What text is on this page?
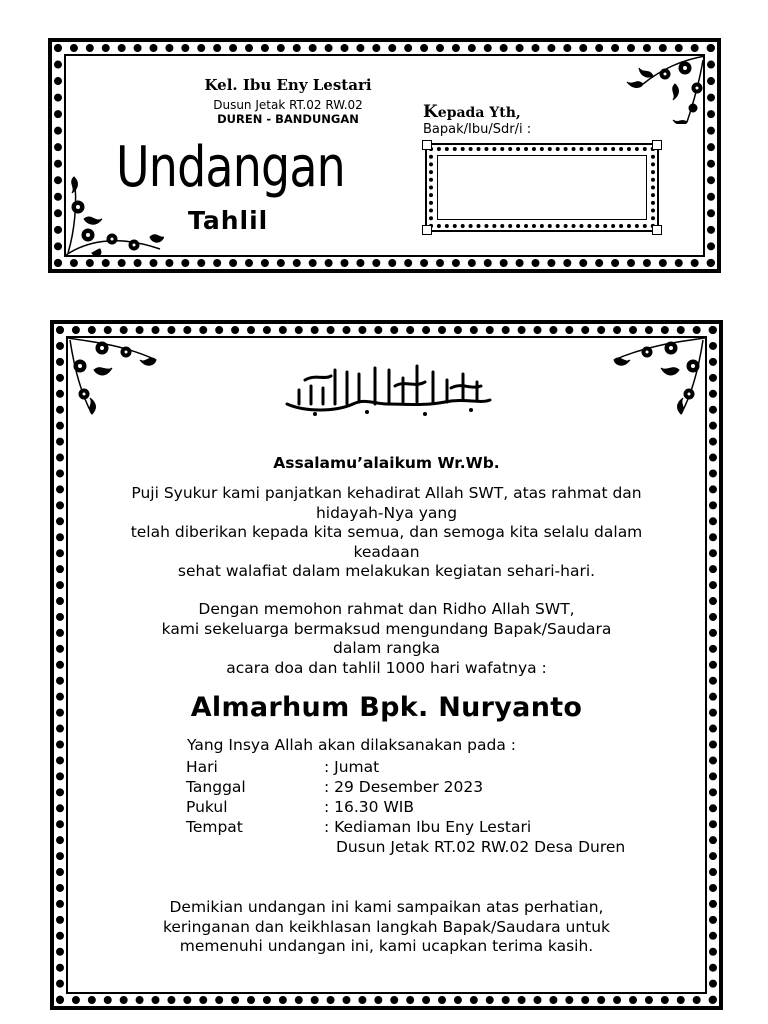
Kel. Ibu Eny Lestari
Dusun Jetak RT.02 RW.02
DUREN - BANDUNGAN
Undangan
Tahlil
Kepada Yth,
Bapak/Ibu/Sdr/i :
Assalamu’alaikum Wr.Wb.
Puji Syukur kami panjatkan kehadirat Allah SWT, atas rahmat dan
hidayah-Nya yang
telah diberikan kepada kita semua, dan semoga kita selalu dalam
keadaan
sehat walafiat dalam melakukan kegiatan sehari-hari.
Dengan memohon rahmat dan Ridho Allah SWT,
kami sekeluarga bermaksud mengundang Bapak/Saudara
dalam rangka
acara doa dan tahlil 1000 hari wafatnya :
Almarhum Bpk. Nuryanto
Yang Insya Allah akan dilaksanakan pada :
Hari	: Jumat
Tanggal	: 29 Desember 2023
Pukul	: 16.30 WIB
Tempat	: Kediaman Ibu Eny Lestari
Dusun Jetak RT.02 RW.02 Desa Duren
Demikian undangan ini kami sampaikan atas perhatian,
keringanan dan keikhlasan langkah Bapak/Saudara untuk
memenuhi undangan ini, kami ucapkan terima kasih.
